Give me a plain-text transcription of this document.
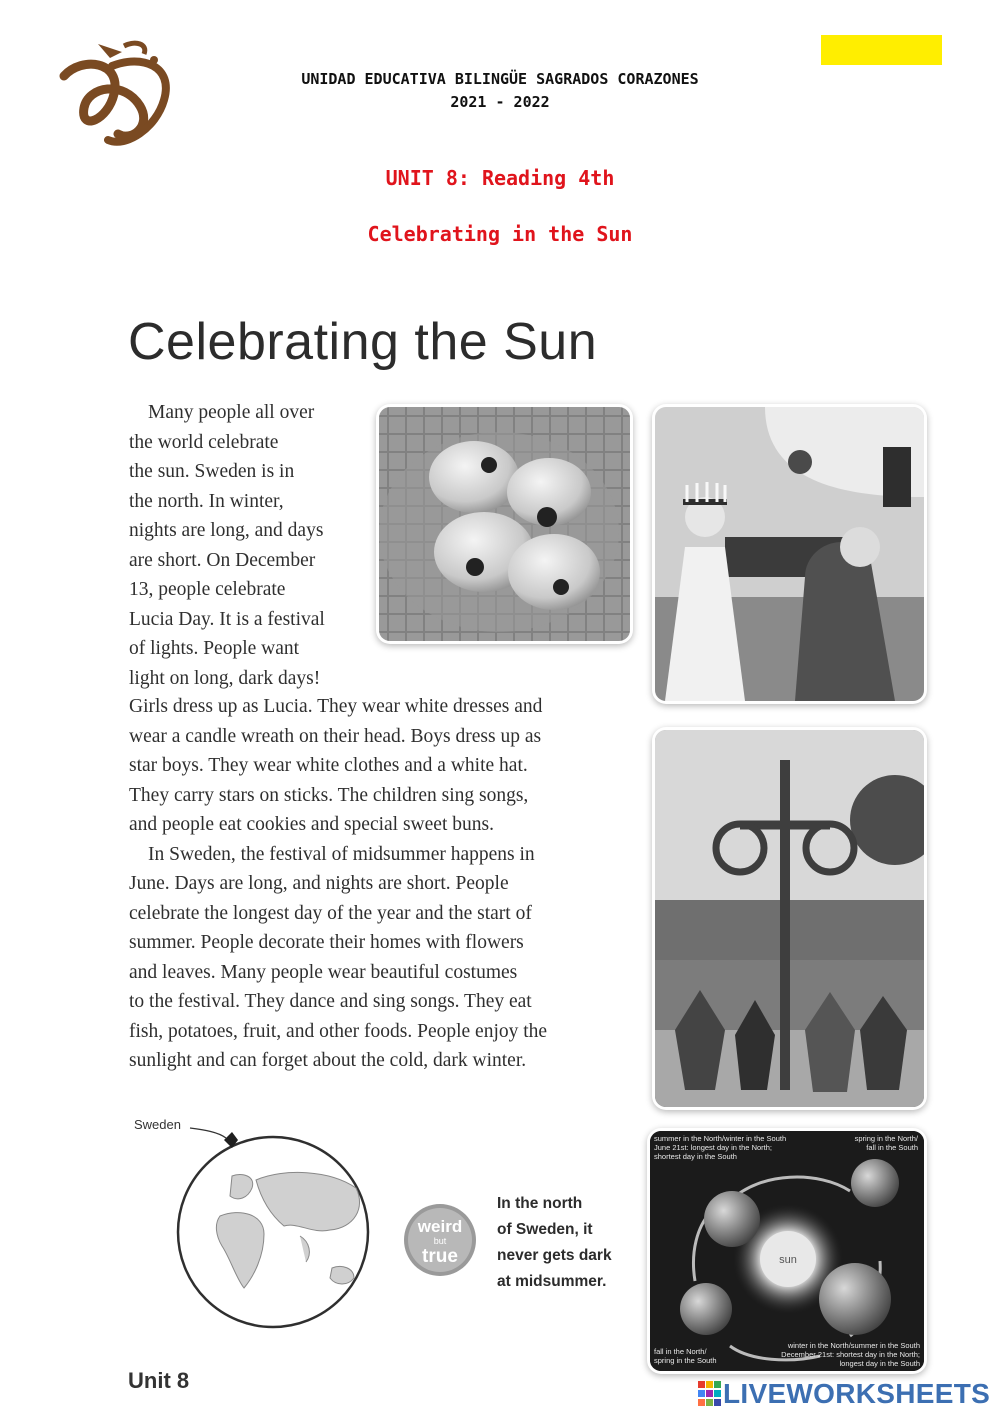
UNIDAD EDUCATIVA BILINGÜE SAGRADOS CORAZONES
2021 - 2022
UNIT 8: Reading 4th
Celebrating in the Sun
Celebrating the Sun
Many people all over
the world celebrate
the sun. Sweden is in
the north. In winter,
nights are long, and days
are short. On December
13, people celebrate
Lucia Day. It is a festival
of lights. People want
light on long, dark days!
Girls dress up as Lucia. They wear white dresses and
wear a candle wreath on their head. Boys dress up as
star boys. They wear white clothes and a white hat.
They carry stars on sticks. The children sing songs,
and people eat cookies and special sweet buns.
In Sweden, the festival of midsummer happens in
June. Days are long, and nights are short. People
celebrate the longest day of the year and the start of
summer. People decorate their homes with flowers
and leaves. Many people wear beautiful costumes
to the festival. They dance and sing songs. They eat
fish, potatoes, fruit, and other foods. People enjoy the
sunlight and can forget about the cold, dark winter.
Sweden
weird
but
true
In the north
of Sweden, it
never gets dark
at midsummer.
sun
summer in the North/winter in the South
June 21st: longest day in the North;
shortest day in the South
spring in the North/
fall in the South
fall in the North/
spring in the South
winter in the North/summer in the South
December 21st: shortest day in the North;
longest day in the South
Unit 8	LIVEWORKSHEETS
